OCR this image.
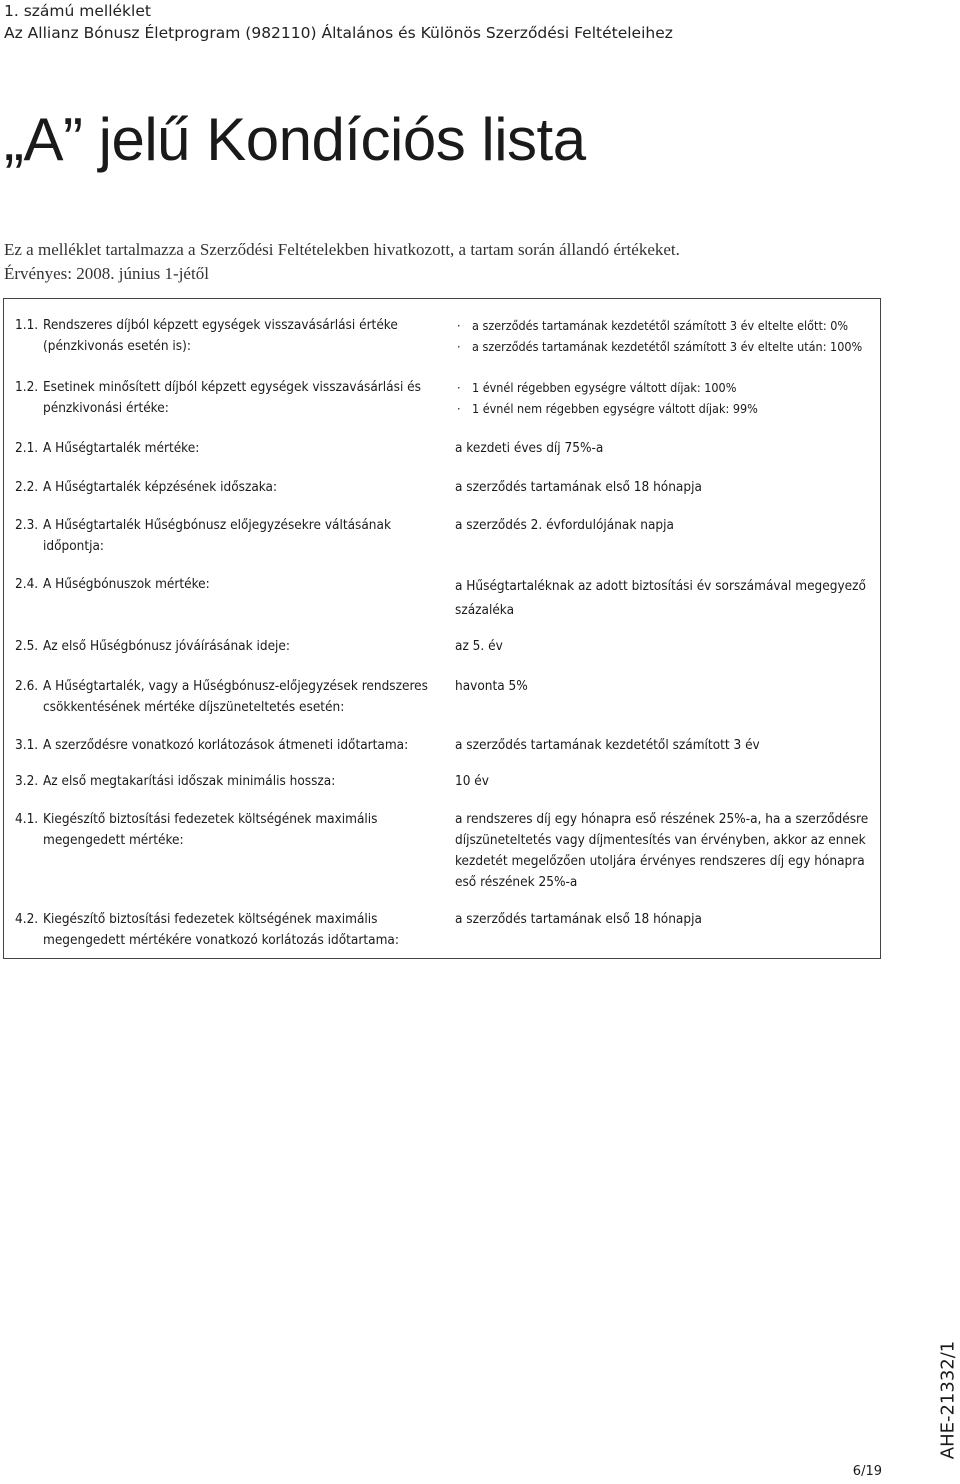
1. számú melléklet
Az Allianz Bónusz Életprogram (982110) Általános és Különös Szerződési Feltételeihez
„A” jelű Kondíciós lista
Ez a melléklet tartalmazza a Szerződési Feltételekben hivatkozott, a tartam során állandó értékeket.
Érvényes: 2008. június 1-jétől
1.1. Rendszeres díjból képzett egységek visszavásárlási értéke (pénzkivonás esetén is):
· a szerződés tartamának kezdetétől számított 3 év eltelte előtt: 0%
· a szerződés tartamának kezdetétől számított 3 év eltelte után: 100%
1.2. Esetinek minősített díjból képzett egységek visszavásárlási és pénzkivonási értéke:
· 1 évnél régebben egységre váltott díjak: 100%
· 1 évnél nem régebben egységre váltott díjak: 99%
2.1. A Hűségtartalék mértéke:	a kezdeti éves díj 75%-a
2.2. A Hűségtartalék képzésének időszaka:	a szerződés tartamának első 18 hónapja
2.3. A Hűségtartalék Hűségbónusz előjegyzésekre váltásának időpontja:
a szerződés 2. évfordulójának napja
2.4. A Hűségbónuszok mértéke:	a Hűségtartaléknak az adott biztosítási év sorszámával megegyező százaléka
2.5. Az első Hűségbónusz jóváírásának ideje:	az 5. év
2.6. A Hűségtartalék, vagy a Hűségbónusz-előjegyzések rendszeres csökkentésének mértéke díjszüneteltetés esetén:
havonta 5%
3.1. A szerződésre vonatkozó korlátozások átmeneti időtartama:	a szerződés tartamának kezdetétől számított 3 év
3.2. Az első megtakarítási időszak minimális hossza:	10 év
4.1. Kiegészítő biztosítási fedezetek költségének maximális megengedett mértéke:
a rendszeres díj egy hónapra eső részének 25%-a, ha a szerződésre díjszüneteltetés vagy díjmentesítés van érvényben, akkor az ennek kezdetét megelőzően utoljára érvényes rendszeres díj egy hónapra eső részének 25%-a
4.2. Kiegészítő biztosítási fedezetek költségének maximális megengedett mértékére vonatkozó korlátozás időtartama:
a szerződés tartamának első 18 hónapja
AHE-21332/1
6/19
